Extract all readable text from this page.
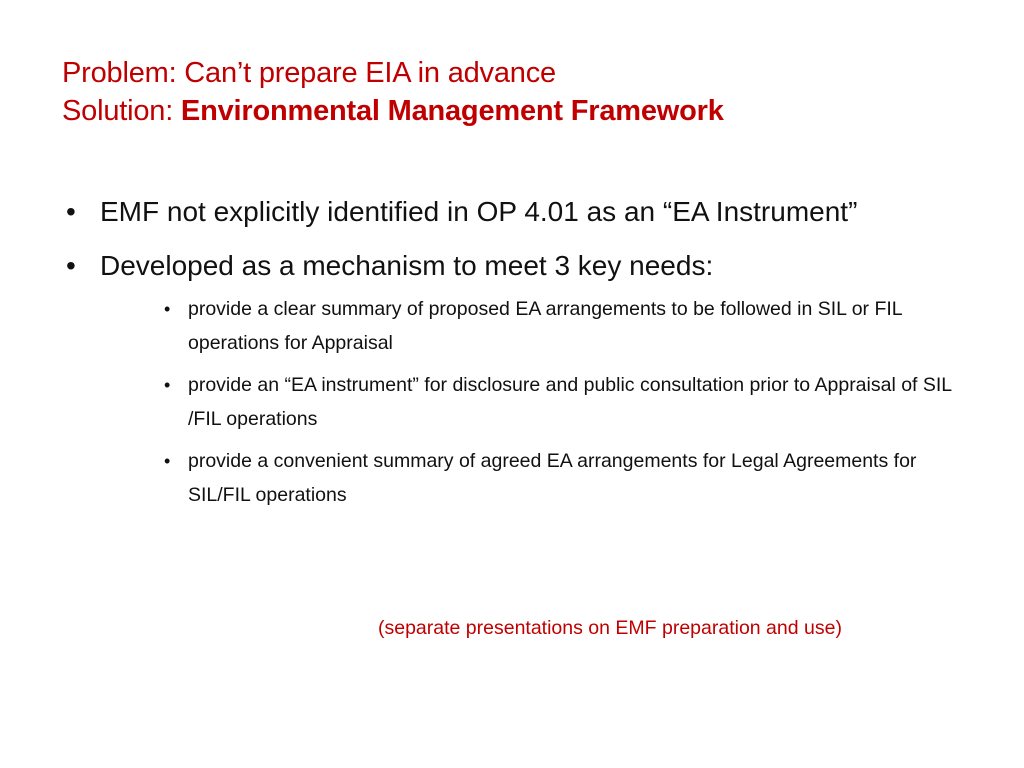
Problem: Can’t prepare EIA in advance
Solution: Environmental Management Framework
• EMF not explicitly identified in OP 4.01 as an “EA Instrument”
• Developed as a mechanism to meet 3 key needs:
• provide a clear summary of proposed EA arrangements to be followed in SIL or FIL operations for Appraisal
• provide an “EA instrument” for disclosure and public consultation prior to Appraisal of SIL /FIL operations
• provide a convenient summary of agreed EA arrangements for Legal Agreements for SIL/FIL operations
(separate presentations on EMF preparation and use)
